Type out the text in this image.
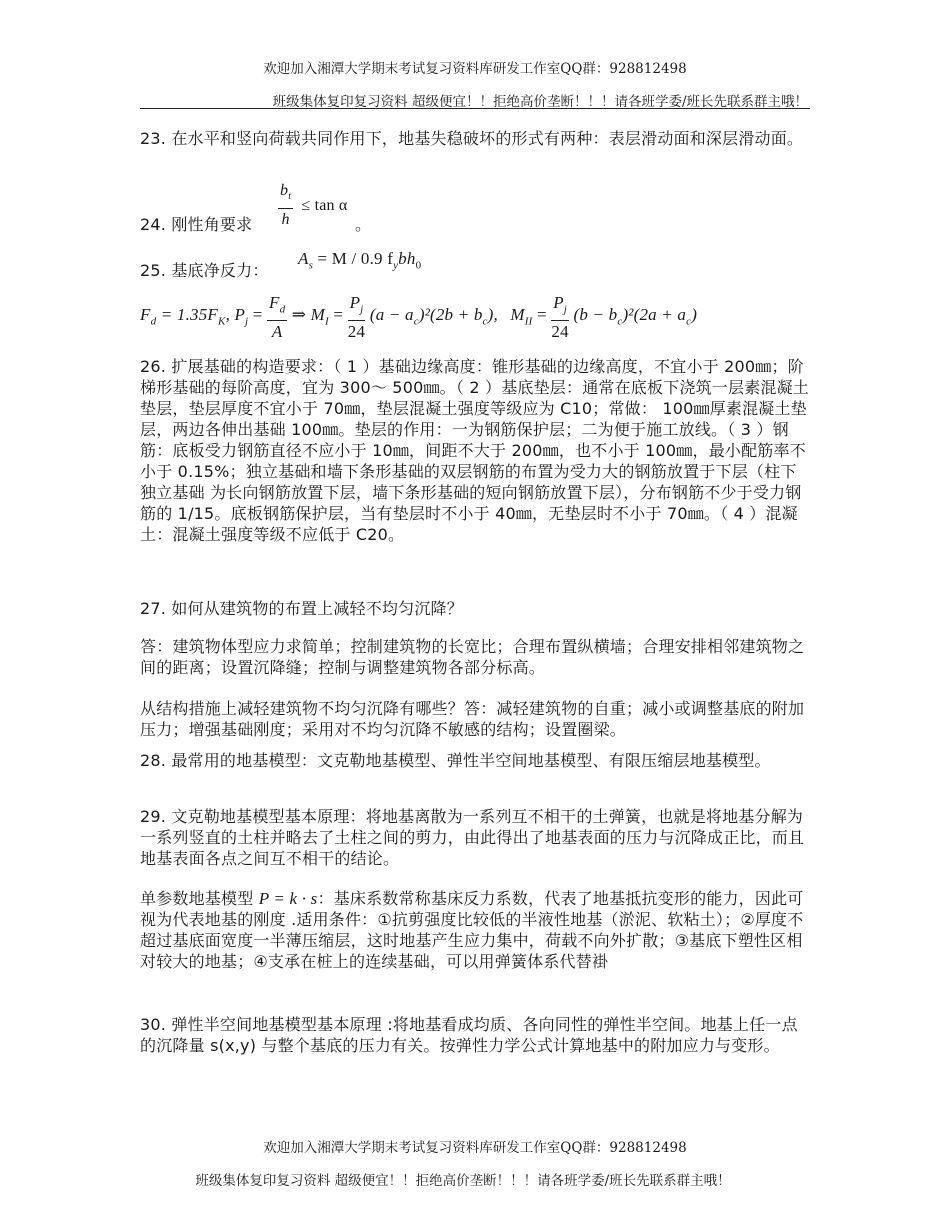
欢迎加入湘潭大学期末考试复习资料库研发工作室QQ群：928812498
班级集体复印复习资料 超级便宜！！拒绝高价垄断！！！请各班学委/班长先联系群主哦！
23. 在水平和竖向荷载共同作用下，地基失稳破坏的形式有两种：表层滑动面和深层滑动面。
24. 刚性角要求 $\frac{b_t}{h} \le \tan \alpha$
。
25. 基底净反力：
$A_s = M / 0.9$ $f_ybh_0$
$F_d = 1.35F_K$, $P_j = \frac{F_d}{A}$ ⇒ $M_I = \frac{P_j}{24} (a - a_c)^2(2b + b_c)$, $M_{II} = \frac{P_j}{24} (b - b_c)^2(2a + a_c)$
26. 扩展基础的构造要求：（ 1 ）基础边缘高度：锥形基础的边缘高度，不宜小于 200㎜；阶梯形基础的每阶高度，宜为 300～ 500㎜。（ 2 ）基底垫层：通常在底板下浇筑一层素混凝土垫层，垫层厚度不宜小于 70㎜，垫层混凝土强度等级应为 C10；常做： 100㎜厚素混凝土垫层，两边各伸出基础 100㎜。垫层的作用：一为钢筋保护层；二为便于施工放线。（ 3 ）钢筋：底板受力钢筋直径不应小于 10㎜，间距不大于 200㎜，也不小于 100㎜，最小配筋率不小于 0.15%；独立基础和墙下条形基础的双层钢筋的布置为受力大的钢筋放置于下层（柱下独立基础 为长向钢筋放置下层，墙下条形基础的短向钢筋放置下层），分布钢筋不少于受力钢筋的 1/15。底板钢筋保护层，当有垫层时不小于 40㎜，无垫层时不小于 70㎜。（ 4 ）混凝土：混凝土强度等级不应低于 C20。
27. 如何从建筑物的布置上减轻不均匀沉降？
答：建筑物体型应力求简单；控制建筑物的长宽比；合理布置纵横墙；合理安排相邻建筑物之间的距离；设置沉降缝；控制与调整建筑物各部分标高。
从结构措施上减轻建筑物不均匀沉降有哪些？答：减轻建筑物的自重；减小或调整基底的附加压力；增强基础刚度；采用对不均匀沉降不敏感的结构；设置圈梁。
28. 最常用的地基模型：文克勒地基模型、弹性半空间地基模型、有限压缩层地基模型。
29. 文克勒地基模型基本原理：将地基离散为一系列互不相干的土弹簧，也就是将地基分解为一系列竖直的土柱并略去了土柱之间的剪力，由此得出了地基表面的压力与沉降成正比，而且地基表面各点之间互不相干的结论。
单参数地基模型 P = k · s：基床系数常称基床反力系数，代表了地基抵抗变形的能力，因此可视为代表地基的刚度 .适用条件：①抗剪强度比较低的半液性地基（淤泥、软粘土）；②厚度不超过基底面宽度一半薄压缩层，这时地基产生应力集中，荷载不向外扩散；③基底下塑性区相对较大的地基；④支承在桩上的连续基础，可以用弹簧体系代替褂
30. 弹性半空间地基模型基本原理 :将地基看成均质、各向同性的弹性半空间。地基上任一点的沉降量 s(x,y) 与整个基底的压力有关。按弹性力学公式计算地基中的附加应力与变形。
欢迎加入湘潭大学期末考试复习资料库研发工作室QQ群：928812498
班级集体复印复习资料 超级便宜！！拒绝高价垄断！！！请各班学委/班长先联系群主哦！
